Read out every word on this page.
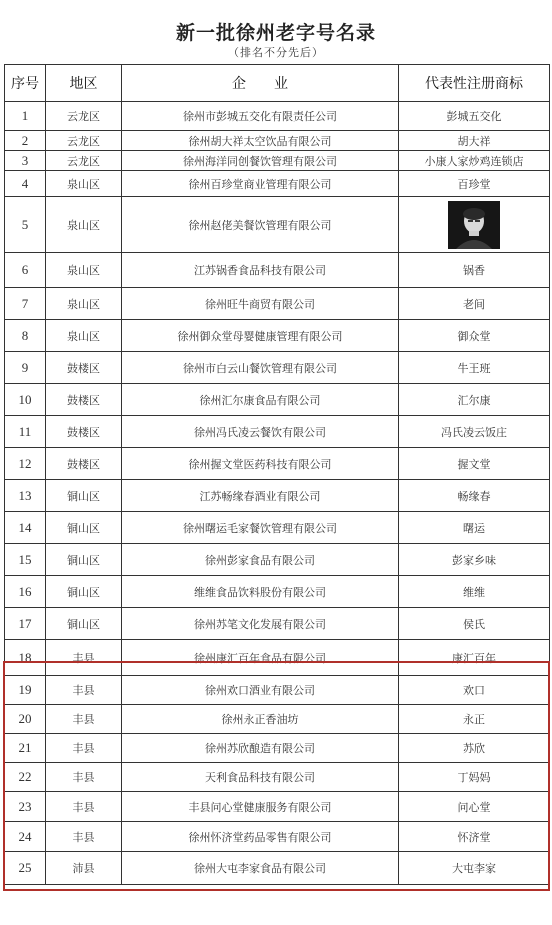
新一批徐州老字号名录
（排名不分先后）
序号	地区	企　　业	代表性注册商标
1	云龙区	徐州市彭城五交化有限责任公司	彭城五交化
2	云龙区	徐州胡大祥太空饮品有限公司	胡大祥
3	云龙区	徐州海洋同创餐饮管理有限公司	小康人家炒鸡连锁店
4	泉山区	徐州百珍堂商业管理有限公司	百珍堂
5	泉山区	徐州赵佬美餐饮管理有限公司	
6	泉山区	江苏锅香食品科技有限公司	锅香
7	泉山区	徐州旺牛商贸有限公司	老间
8	泉山区	徐州御众堂母婴健康管理有限公司	御众堂
9	鼓楼区	徐州市白云山餐饮管理有限公司	牛王班
10	鼓楼区	徐州汇尔康食品有限公司	汇尔康
11	鼓楼区	徐州冯氏凌云餐饮有限公司	冯氏凌云饭庄
12	鼓楼区	徐州握文堂医药科技有限公司	握文堂
13	铜山区	江苏畅缘春酒业有限公司	畅缘春
14	铜山区	徐州曙运毛家餐饮管理有限公司	曙运
15	铜山区	徐州彭家食品有限公司	彭家乡味
16	铜山区	维维食品饮料股份有限公司	维维
17	铜山区	徐州苏笔文化发展有限公司	侯氏
18	丰县	徐州康汇百年食品有限公司	康汇百年
19	丰县	徐州欢口酒业有限公司	欢口
20	丰县	徐州永正香油坊	永正
21	丰县	徐州苏欣酿造有限公司	苏欣
22	丰县	天利食品科技有限公司	丁妈妈
23	丰县	丰县问心堂健康服务有限公司	问心堂
24	丰县	徐州怀济堂药品零售有限公司	怀济堂
25	沛县	徐州大屯李家食品有限公司	大屯李家
